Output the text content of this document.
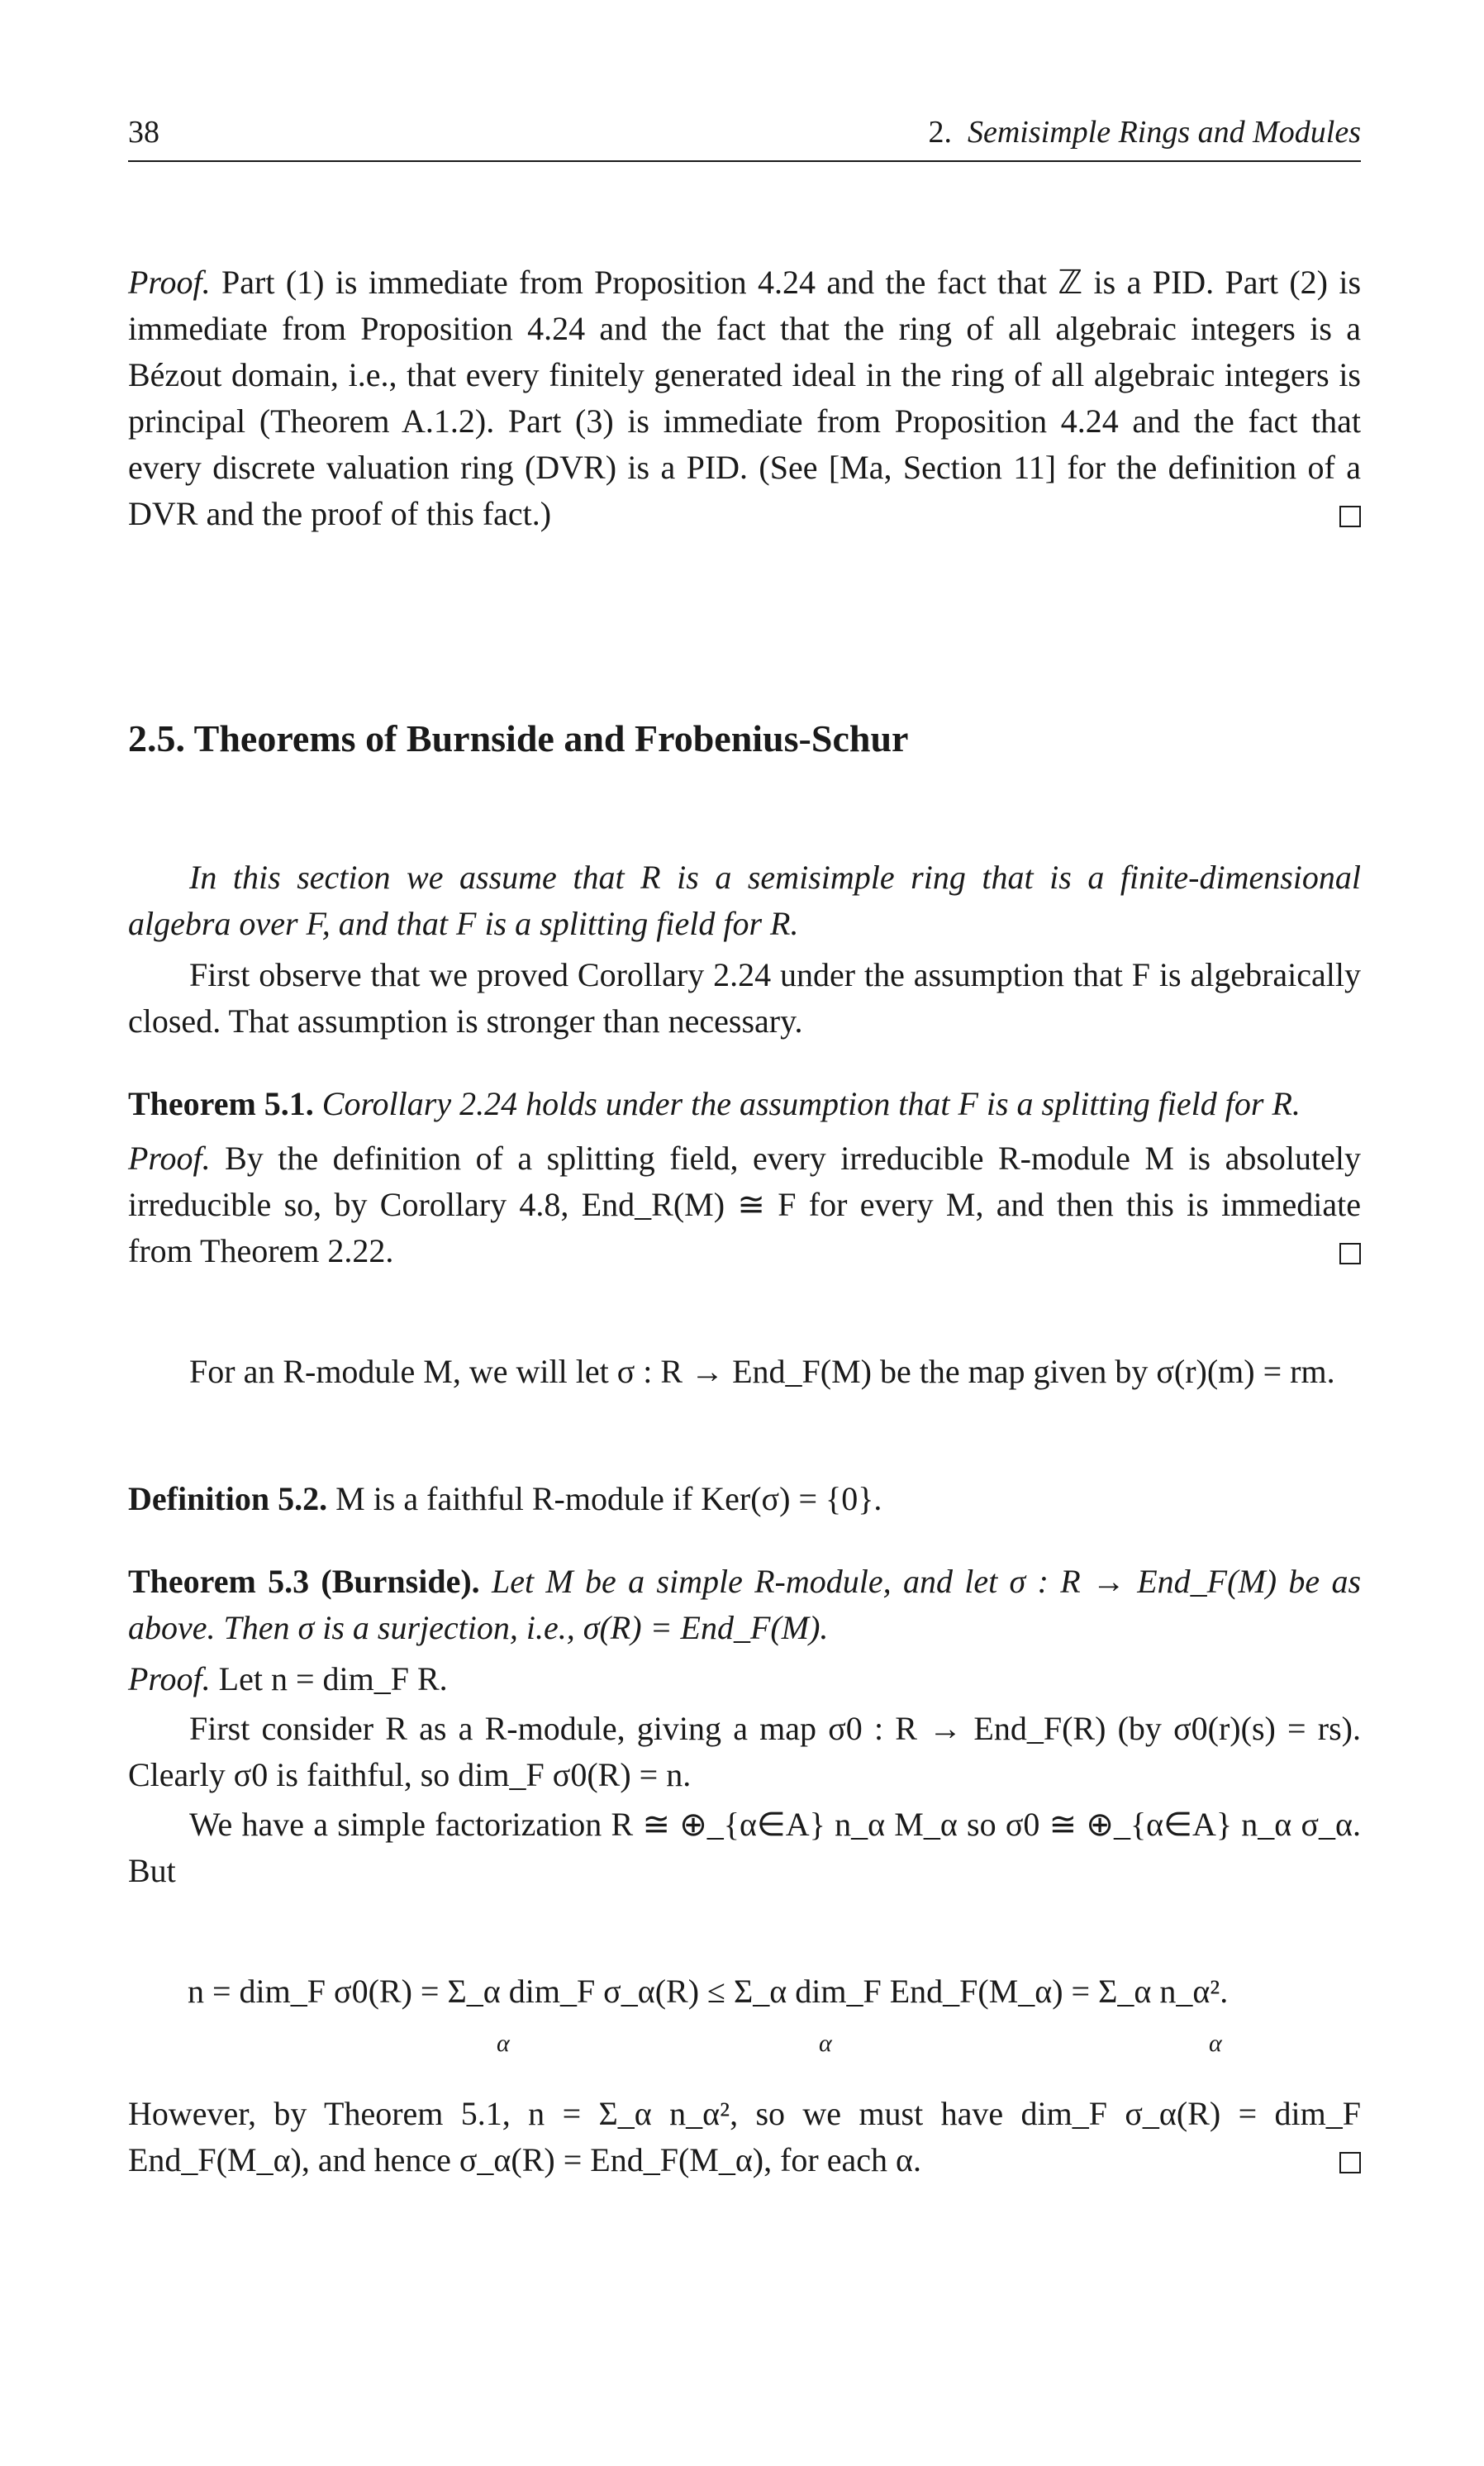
38	2. Semisimple Rings and Modules

Proof. Part (1) is immediate from Proposition 4.24 and the fact that ℤ is a PID. Part (2) is immediate from Proposition 4.24 and the fact that the ring of all algebraic integers is a Bézout domain, i.e., that every finitely generated ideal in the ring of all algebraic integers is principal (Theorem A.1.2). Part (3) is immediate from Proposition 4.24 and the fact that every discrete valuation ring (DVR) is a PID. (See [Ma, Section 11] for the definition of a DVR and the proof of this fact.)

2.5. Theorems of Burnside and Frobenius-Schur

In this section we assume that R is a semisimple ring that is a finite-dimensional algebra over F, and that F is a splitting field for R.

First observe that we proved Corollary 2.24 under the assumption that F is algebraically closed. That assumption is stronger than necessary.

Theorem 5.1. Corollary 2.24 holds under the assumption that F is a splitting field for R.

Proof. By the definition of a splitting field, every irreducible R-module M is absolutely irreducible so, by Corollary 4.8, End_R(M) ≅ F for every M, and then this is immediate from Theorem 2.22.

For an R-module M, we will let σ : R → End_F(M) be the map given by σ(r)(m) = rm.

Definition 5.2. M is a faithful R-module if Ker(σ) = {0}.

Theorem 5.3 (Burnside). Let M be a simple R-module, and let σ : R → End_F(M) be as above. Then σ is a surjection, i.e., σ(R) = End_F(M).

Proof. Let n = dim_F R.

First consider R as a R-module, giving a map σ0 : R → End_F(R) (by σ0(r)(s) = rs). Clearly σ0 is faithful, so dim_F σ0(R) = n.

We have a simple factorization R ≅ ⊕_{α∈A} n_α M_α so σ0 ≅ ⊕_{α∈A} n_α σ_α. But

n = dim_F σ0(R) = Σ_α dim_F σ_α(R) ≤ Σ_α dim_F End_F(M_α) = Σ_α n_α².
α	α	α

However, by Theorem 5.1, n = Σ_α n_α², so we must have dim_F σ_α(R) = dim_F End_F(M_α), and hence σ_α(R) = End_F(M_α), for each α.
